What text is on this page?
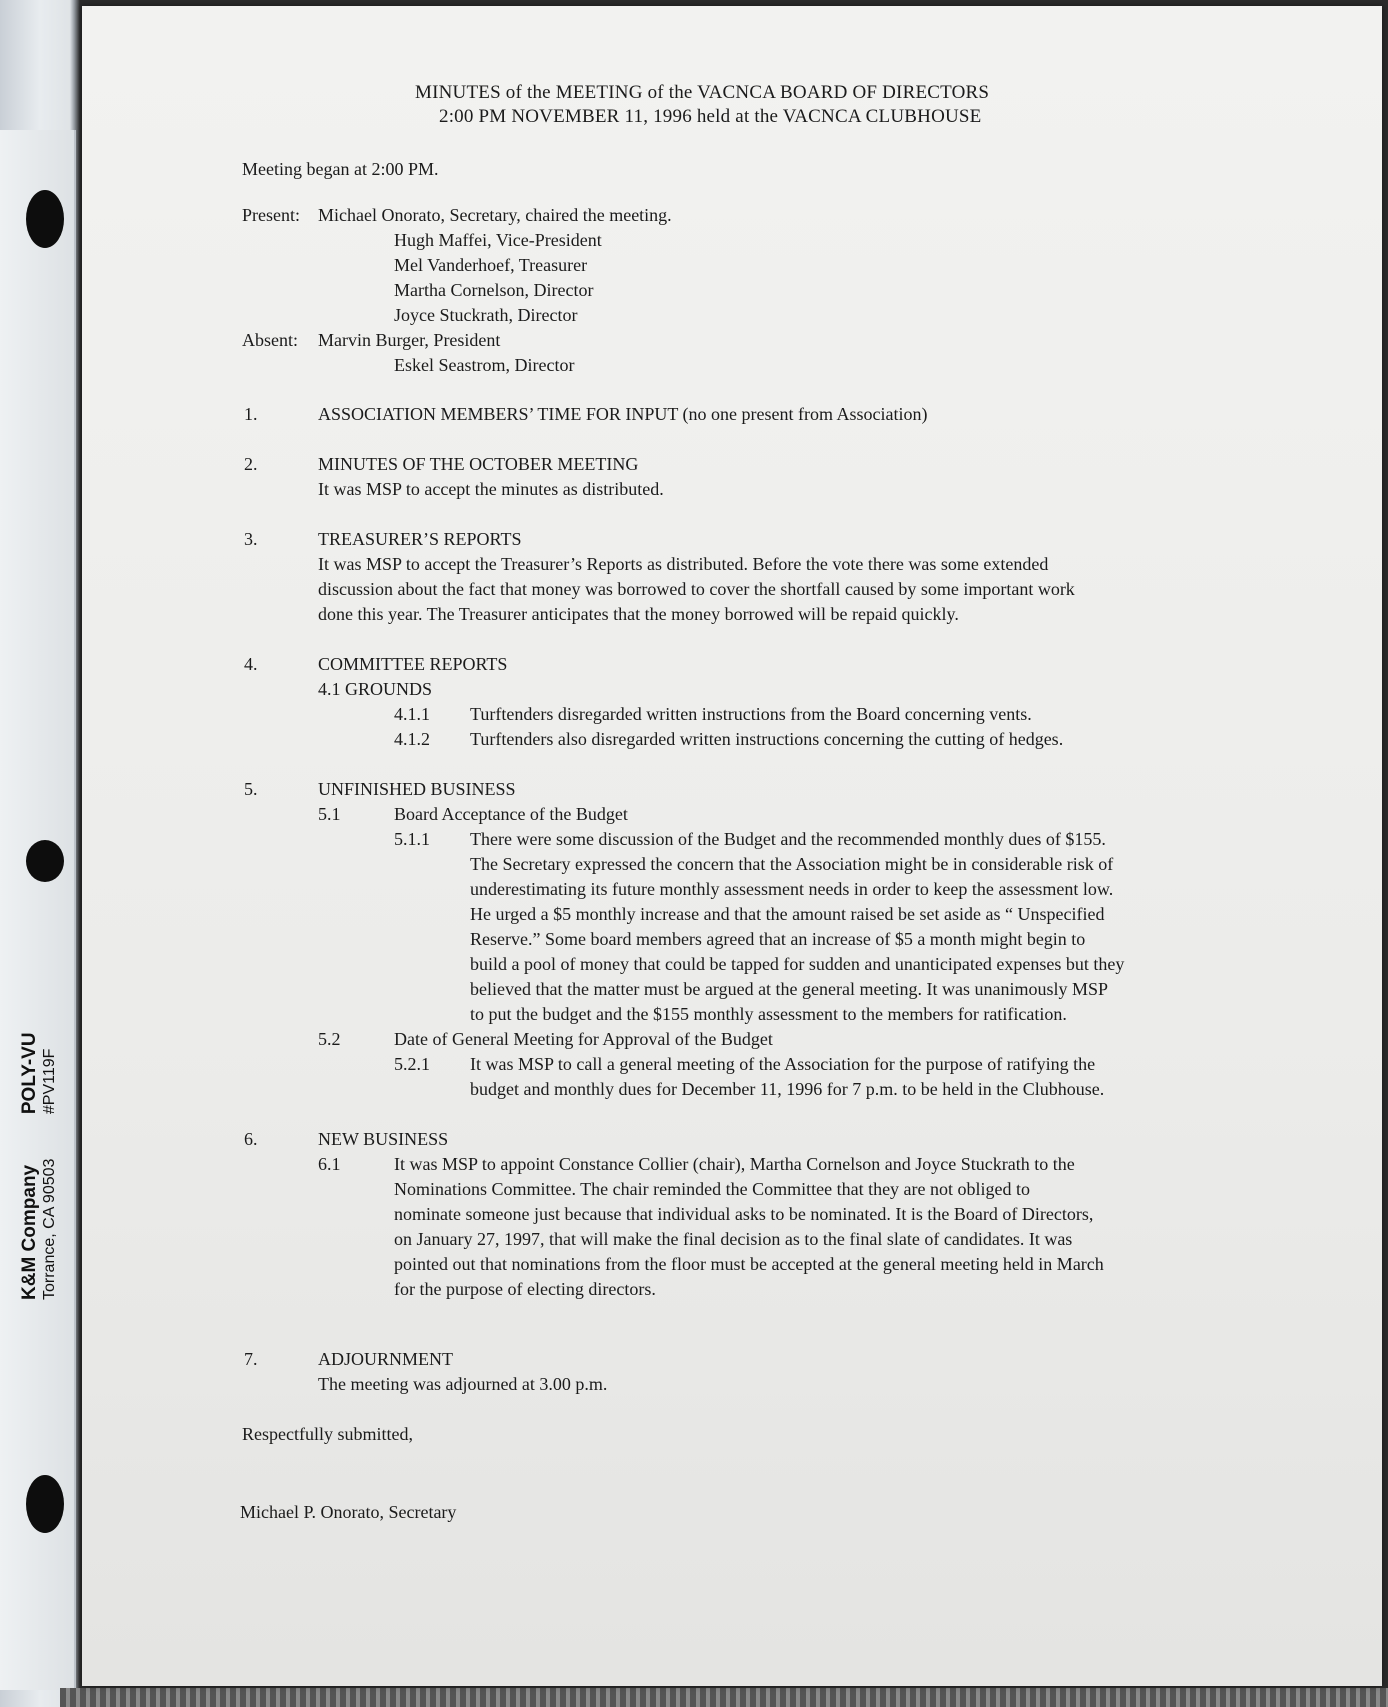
K&M Company Torrance, CA 90503

POLY-VU #PV119F
MINUTES of the MEETING of the VACNCA BOARD OF DIRECTORS
2:00 PM NOVEMBER 11, 1996 held at the VACNCA CLUBHOUSE
Meeting began at 2:00 PM.
Present: Michael Onorato, Secretary, chaired the meeting.
Hugh Maffei, Vice-President
Mel Vanderhoef, Treasurer
Martha Cornelson, Director
Joyce Stuckrath, Director
Absent: Marvin Burger, President
Eskel Seastrom, Director
1.	ASSOCIATION MEMBERS’ TIME FOR INPUT (no one present from Association)
2.	MINUTES OF THE OCTOBER MEETING
It was MSP to accept the minutes as distributed.
3.	TREASURER’S REPORTS
It was MSP to accept the Treasurer’s Reports as distributed. Before the vote there was some extended
discussion about the fact that money was borrowed to cover the shortfall caused by some important work
done this year. The Treasurer anticipates that the money borrowed will be repaid quickly.
4.	COMMITTEE REPORTS
4.1 GROUNDS
4.1.1 Turftenders disregarded written instructions from the Board concerning vents.
4.1.2 Turftenders also disregarded written instructions concerning the cutting of hedges.
5.	UNFINISHED BUSINESS
5.1	Board Acceptance of the Budget
5.1.1 There were some discussion of the Budget and the recommended monthly dues of $155.
The Secretary expressed the concern that the Association might be in considerable risk of
underestimating its future monthly assessment needs in order to keep the assessment low.
He urged a $5 monthly increase and that the amount raised be set aside as “ Unspecified
Reserve.” Some board members agreed that an increase of $5 a month might begin to
build a pool of money that could be tapped for sudden and unanticipated expenses but they
believed that the matter must be argued at the general meeting. It was unanimously MSP
to put the budget and the $155 monthly assessment to the members for ratification.
5.2	Date of General Meeting for Approval of the Budget
5.2.1 It was MSP to call a general meeting of the Association for the purpose of ratifying the
budget and monthly dues for December 11, 1996 for 7 p.m. to be held in the Clubhouse.
6.	NEW BUSINESS
6.1	It was MSP to appoint Constance Collier (chair), Martha Cornelson and Joyce Stuckrath to the
Nominations Committee. The chair reminded the Committee that they are not obliged to
nominate someone just because that individual asks to be nominated. It is the Board of Directors,
on January 27, 1997, that will make the final decision as to the final slate of candidates. It was
pointed out that nominations from the floor must be accepted at the general meeting held in March
for the purpose of electing directors.
7.	ADJOURNMENT
The meeting was adjourned at 3.00 p.m.
Respectfully submitted,
Michael P. Onorato, Secretary
